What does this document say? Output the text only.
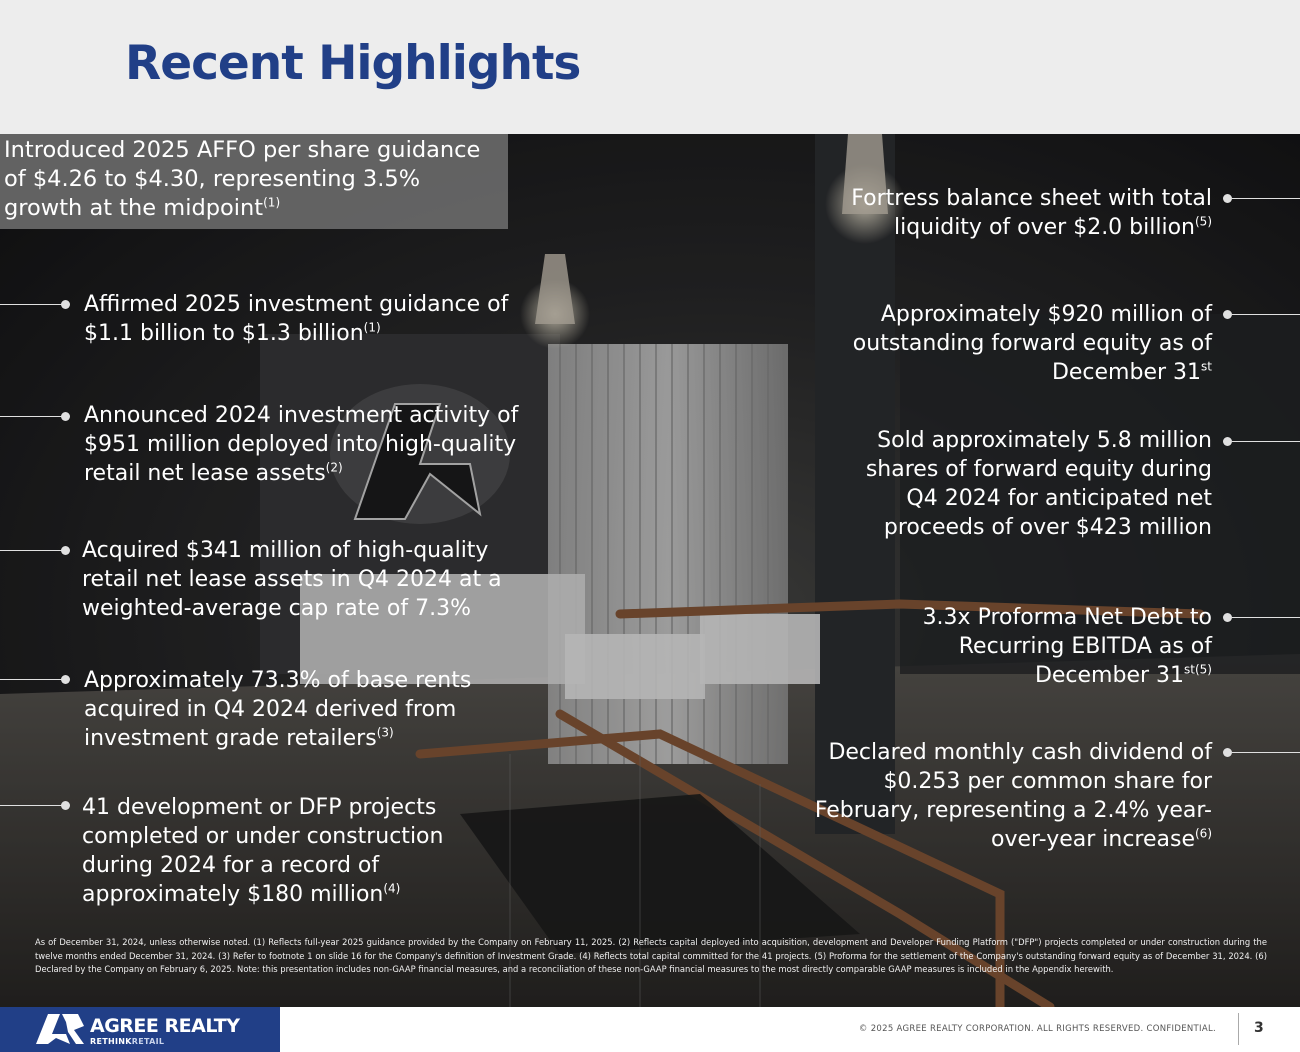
Recent Highlights
Introduced 2025 AFFO per share guidance of $4.26 to $4.30, representing 3.5% growth at the midpoint$^{(1)}$
Affirmed 2025 investment guidance of $1.1 billion to $1.3 billion$^{(1)}$
Announced 2024 investment activity of $951 million deployed into high-quality retail net lease assets$^{(2)}$
Acquired $341 million of high-quality retail net lease assets in Q4 2024 at a weighted-average cap rate of 7.3%
Approximately 73.3% of base rents acquired in Q4 2024 derived from investment grade retailers$^{(3)}$
41 development or DFP projects completed or under construction during 2024 for a record of approximately $180 million$^{(4)}$
Fortress balance sheet with total liquidity of over $2.0 billion$^{(5)}$
Approximately $920 million of outstanding forward equity as of December 31st
Sold approximately 5.8 million shares of forward equity during Q4 2024 for anticipated net proceeds of over $423 million
3.3x Proforma Net Debt to Recurring EBITDA as of December $31^{st(5)}$
Declared monthly cash dividend of $0.253 per common share for February, representing a 2.4% year-over-year increase$^{(6)}$
As of December 31, 2024, unless otherwise noted. (1) Reflects full-year 2025 guidance provided by the Company on February 11, 2025. (2) Reflects capital deployed into acquisition, development and Developer Funding Platform ("DFP") projects completed or under construction during the twelve months ended December 31, 2024. (3) Refer to footnote 1 on slide 16 for the Company's definition of Investment Grade. (4) Reflects total capital committed for the 41 projects. (5) Proforma for the settlement of the Company's outstanding forward equity as of December 31, 2024. (6) Declared by the Company on February 6, 2025. Note: this presentation includes non-GAAP financial measures, and a reconciliation of these non-GAAP financial measures to the most directly comparable GAAP measures is included in the Appendix herewith.
AGREE REALTY
RETHINKRETAIL
© 2025 AGREE REALTY CORPORATION. ALL RIGHTS RESERVED. CONFIDENTIAL.	3
